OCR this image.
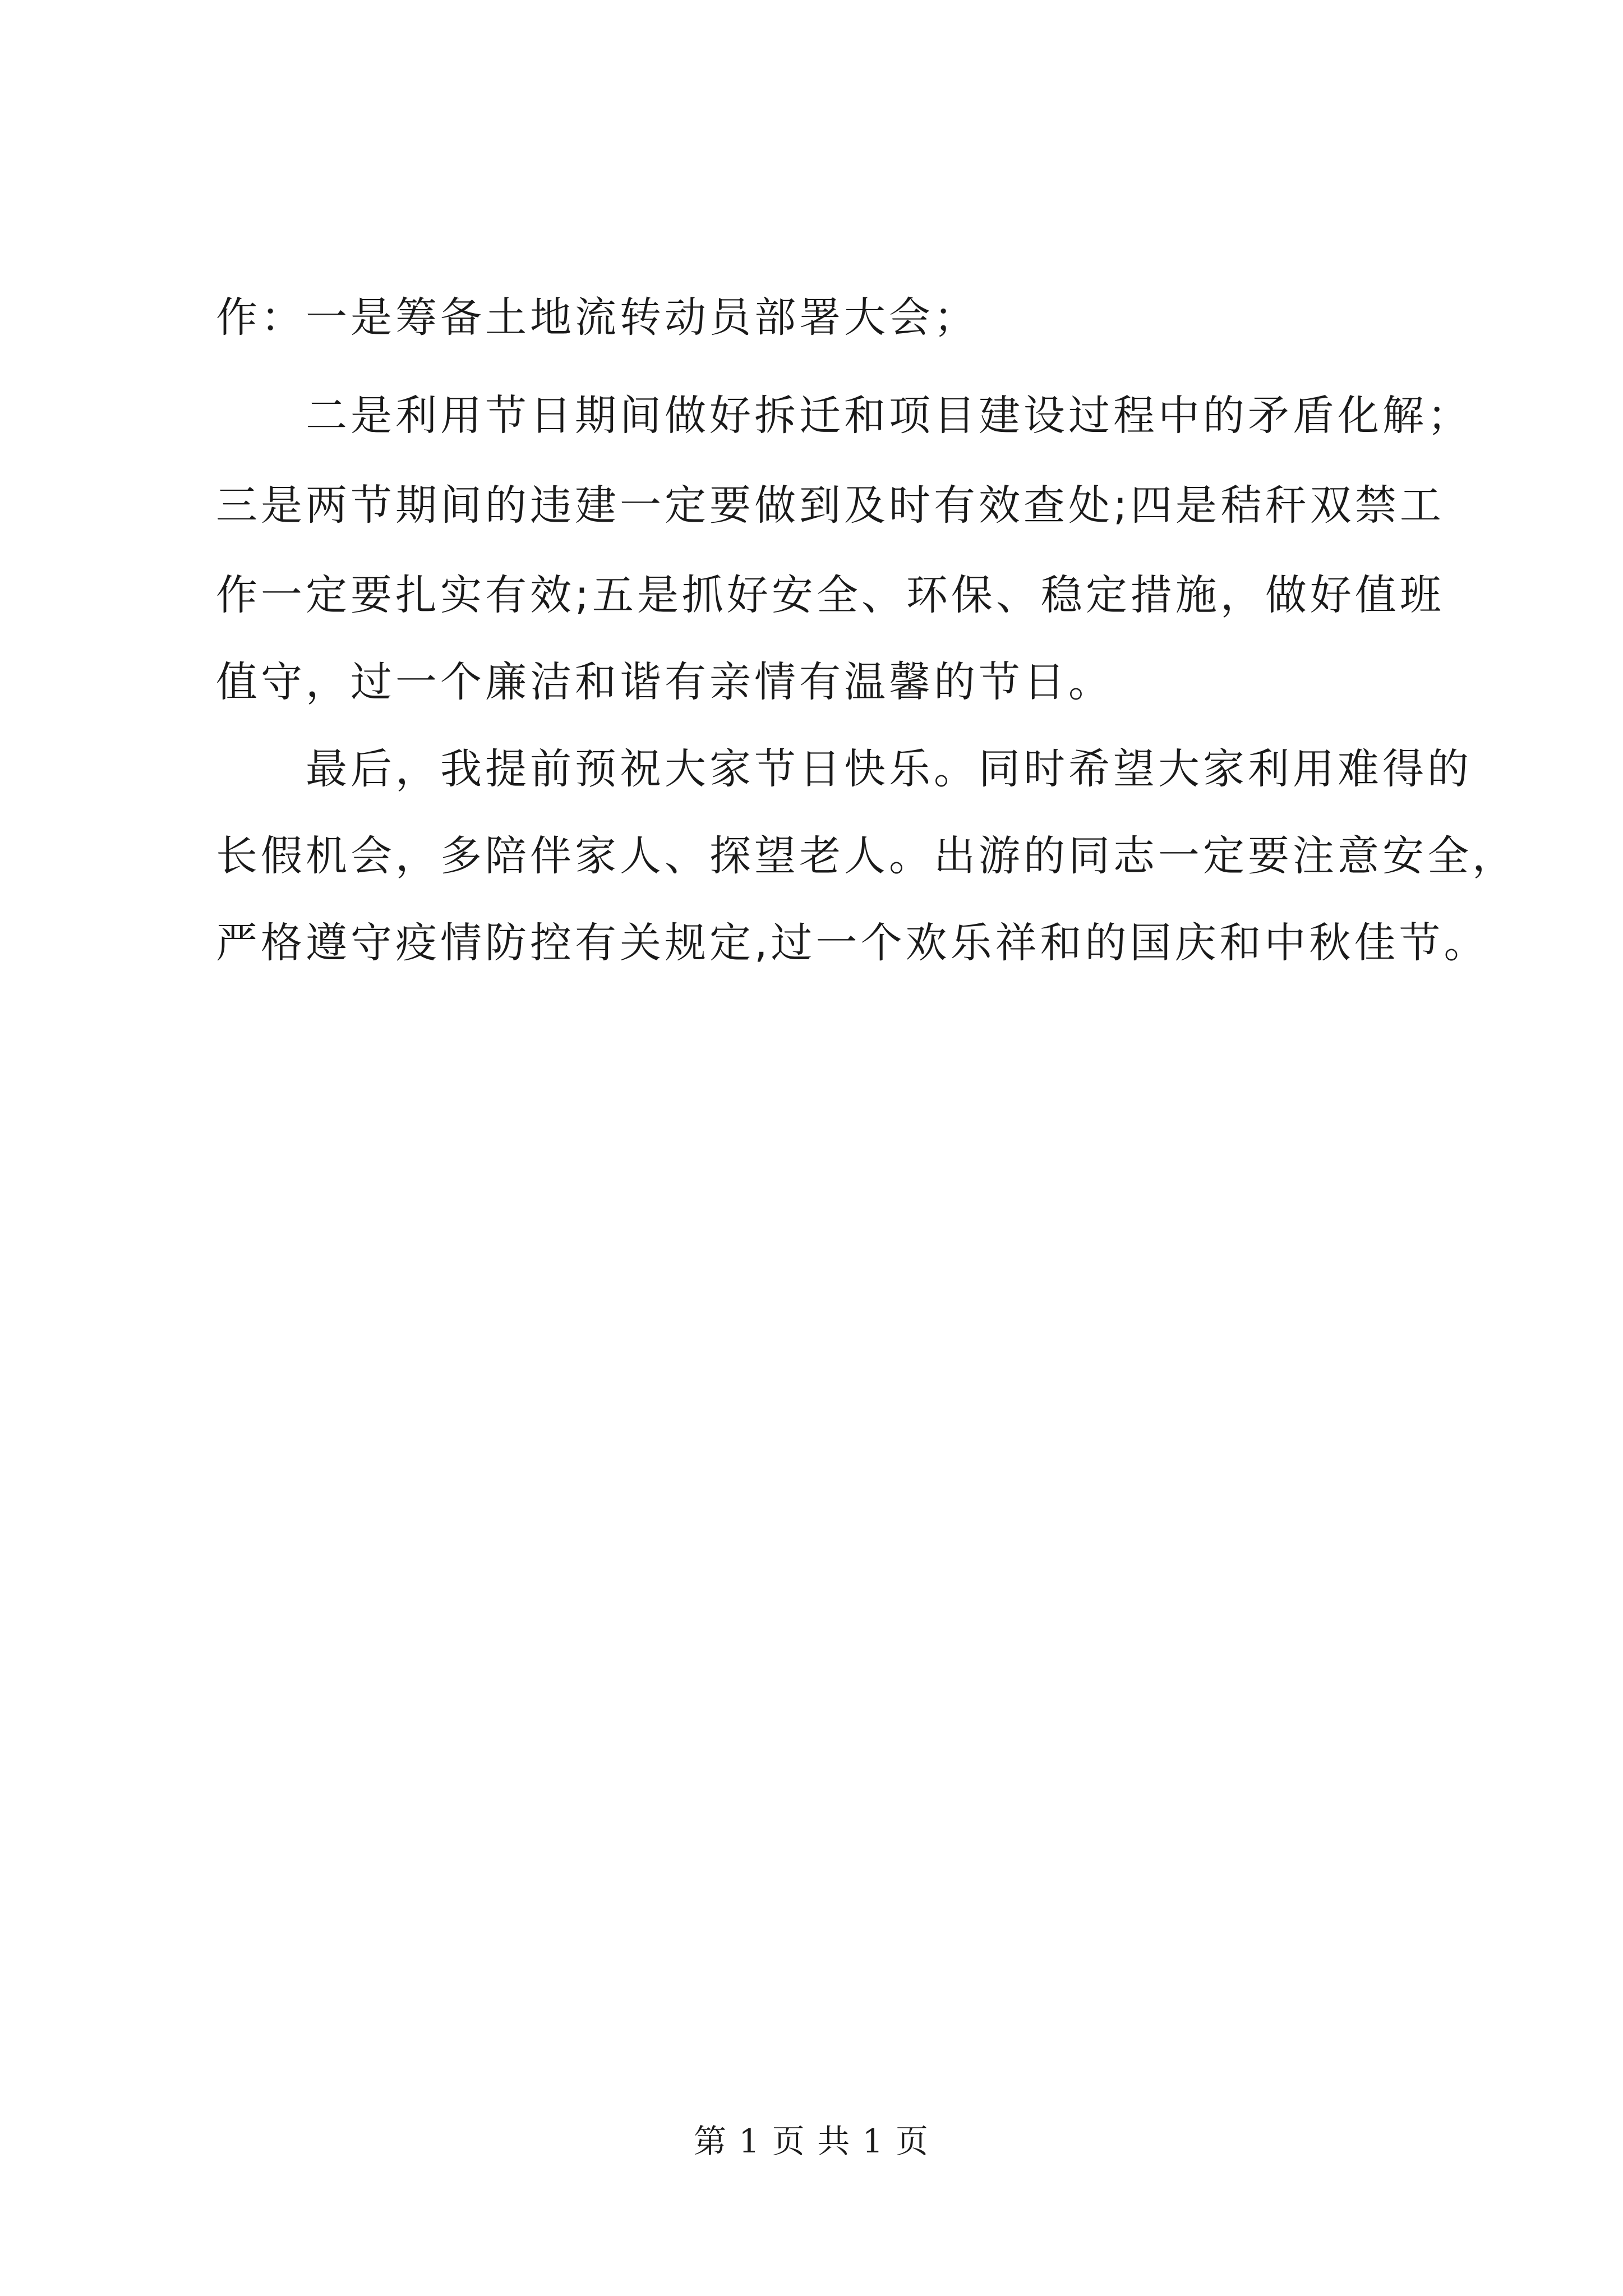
作：一是筹备土地流转动员部署大会；
二是利用节日期间做好拆迁和项目建设过程中的矛盾化解；
三是两节期间的违建一定要做到及时有效查处;四是秸秆双禁工
作一定要扎实有效;五是抓好安全、环保、稳定措施，做好值班
值守，过一个廉洁和谐有亲情有温馨的节日。
最后，我提前预祝大家节日快乐。同时希望大家利用难得的
长假机会，多陪伴家人、探望老人。出游的同志一定要注意安全，
严格遵守疫情防控有关规定,过一个欢乐祥和的国庆和中秋佳节。
第 1 页 共 1 页
